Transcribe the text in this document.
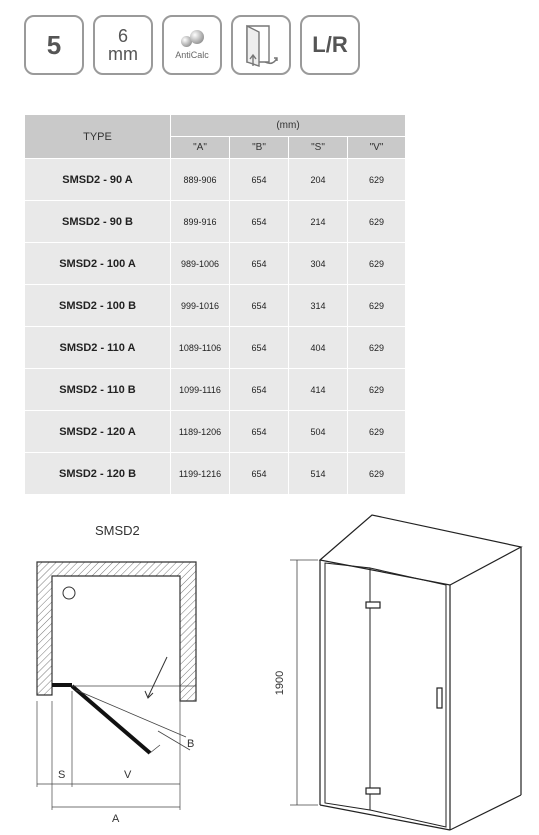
5	6
mm	AntiCalc	L/R
TYPE	(mm)			
	"A"	"B"	"S"	"V"
SMSD2 - 90 A	889-906	654	204	629
SMSD2 - 90 B	899-916	654	214	629
SMSD2 - 100 A	989-1006	654	304	629
SMSD2 - 100 B	999-1016	654	314	629
SMSD2 - 110 A	1089-1106	654	404	629
SMSD2 - 110 B	1099-1116	654	414	629
SMSD2 - 120 A	1189-1206	654	504	629
SMSD2 - 120 B	1199-1216	654	514	629
SMSD2
B
S	V
A
1900
